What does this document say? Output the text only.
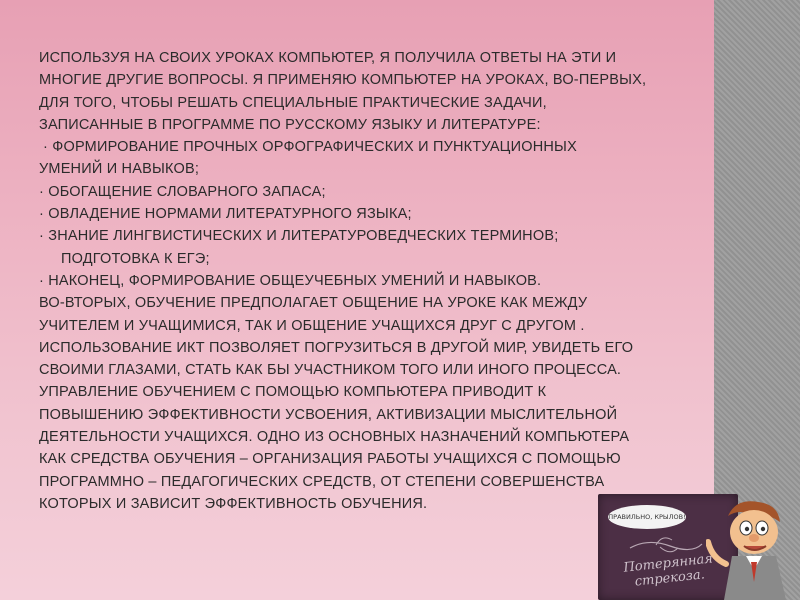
ИСПОЛЬЗУЯ НА СВОИХ УРОКАХ КОМПЬЮТЕР, Я ПОЛУЧИЛА ОТВЕТЫ НА ЭТИ И
МНОГИЕ ДРУГИЕ ВОПРОСЫ. Я ПРИМЕНЯЮ КОМПЬЮТЕР НА УРОКАХ, ВО-ПЕРВЫХ,
ДЛЯ ТОГО, ЧТОБЫ РЕШАТЬ СПЕЦИАЛЬНЫЕ ПРАКТИЧЕСКИЕ ЗАДАЧИ,
ЗАПИСАННЫЕ В ПРОГРАММЕ ПО РУССКОМУ ЯЗЫКУ И ЛИТЕРАТУРЕ:
· ФОРМИРОВАНИЕ ПРОЧНЫХ ОРФОГРАФИЧЕСКИХ И ПУНКТУАЦИОННЫХ
УМЕНИЙ И НАВЫКОВ;
· ОБОГАЩЕНИЕ СЛОВАРНОГО ЗАПАСА;
· ОВЛАДЕНИЕ НОРМАМИ ЛИТЕРАТУРНОГО ЯЗЫКА;
· ЗНАНИЕ ЛИНГВИСТИЧЕСКИХ И ЛИТЕРАТУРОВЕДЧЕСКИХ ТЕРМИНОВ;
ПОДГОТОВКА К ЕГЭ;
· НАКОНЕЦ, ФОРМИРОВАНИЕ ОБЩЕУЧЕБНЫХ УМЕНИЙ И НАВЫКОВ.
ВО-ВТОРЫХ, ОБУЧЕНИЕ ПРЕДПОЛАГАЕТ ОБЩЕНИЕ НА УРОКЕ КАК МЕЖДУ
УЧИТЕЛЕМ И УЧАЩИМИСЯ, ТАК И ОБЩЕНИЕ УЧАЩИХСЯ ДРУГ С ДРУГОМ .
ИСПОЛЬЗОВАНИЕ ИКТ ПОЗВОЛЯЕТ ПОГРУЗИТЬСЯ В ДРУГОЙ МИР, УВИДЕТЬ ЕГО
СВОИМИ ГЛАЗАМИ, СТАТЬ КАК БЫ УЧАСТНИКОМ ТОГО ИЛИ ИНОГО ПРОЦЕССА.
УПРАВЛЕНИЕ ОБУЧЕНИЕМ С ПОМОЩЬЮ КОМПЬЮТЕРА ПРИВОДИТ К
ПОВЫШЕНИЮ ЭФФЕКТИВНОСТИ УСВОЕНИЯ, АКТИВИЗАЦИИ МЫСЛИТЕЛЬНОЙ
ДЕЯТЕЛЬНОСТИ УЧАЩИХСЯ. ОДНО ИЗ ОСНОВНЫХ НАЗНАЧЕНИЙ КОМПЬЮТЕРА
КАК СРЕДСТВА ОБУЧЕНИЯ – ОРГАНИЗАЦИЯ РАБОТЫ УЧАЩИХСЯ С ПОМОЩЬЮ
ПРОГРАММНО – ПЕДАГОГИЧЕСКИХ СРЕДСТВ, ОТ СТЕПЕНИ СОВЕРШЕНСТВА
КОТОРЫХ И ЗАВИСИТ ЭФФЕКТИВНОСТЬ ОБУЧЕНИЯ.
ПРАВИЛЬНО, КРЫЛОВ!
Потерянная стрекоза.
